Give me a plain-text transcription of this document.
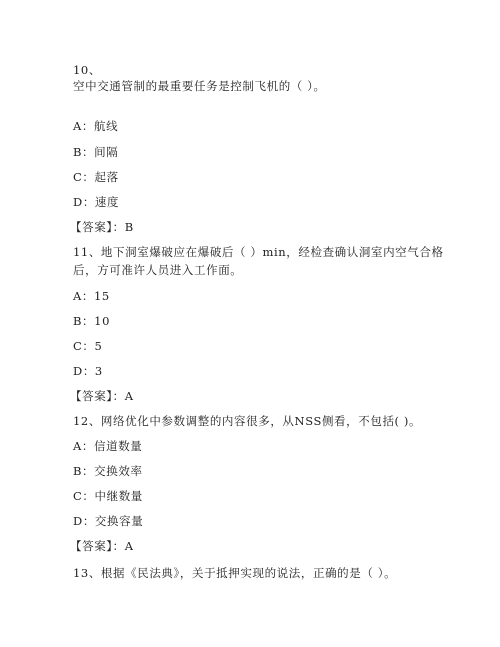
10、
空中交通管制的最重要任务是控制飞机的（ ）。
A：航线
B：间隔
C：起落
D：速度
【答案】：B
11、地下洞室爆破应在爆破后（ ）min，经检查确认洞室内空气合格
后，方可准许人员进入工作面。
A：15
B：10
C：5
D：3
【答案】：A
12、网络优化中参数调整的内容很多，从NSS侧看，不包括( )。
A：信道数量
B：交换效率
C：中继数量
D：交换容量
【答案】：A
13、根据《民法典》，关于抵押实现的说法，正确的是（ ）。
